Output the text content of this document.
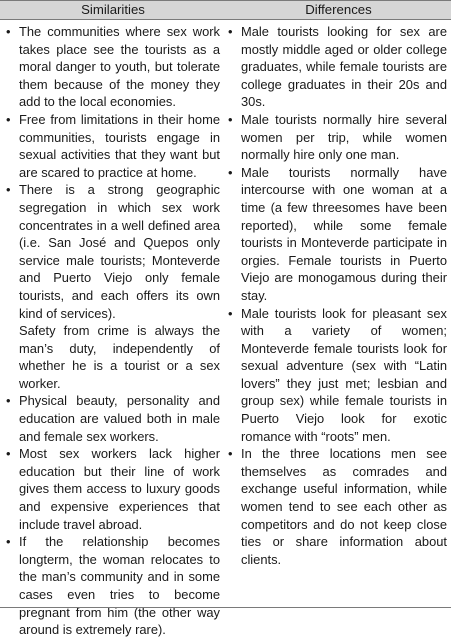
Similarities	Differences

• The communities where sex work takes place see the tourists as a moral danger to youth, but tolerate them because of the money they add to the local economies.

• Free from limitations in their home communities, tourists engage in sexual activities that they want but are scared to practice at home.

• There is a strong geographic segregation in which sex work concentrates in a well defined area (i.e. San José and Quepos only service male tourists; Monteverde and Puerto Viejo only female tourists, and each offers its own kind of services).

Safety from crime is always the man’s duty, independently of whether he is a tourist or a sex worker.

• Physical beauty, personality and education are valued both in male and female sex workers.

• Most sex workers lack higher education but their line of work gives them access to luxury goods and expensive experiences that include travel abroad.

• If the relationship becomes longterm, the woman relocates to the man’s community and in some cases even tries to become pregnant from him (the other way around is extremely rare).

• Male tourists looking for sex are mostly middle aged or older college graduates, while female tourists are college graduates in their 20s and 30s.

• Male tourists normally hire several women per trip, while women normally hire only one man.

• Male tourists normally have intercourse with one woman at a time (a few threesomes have been reported), while some female tourists in Monteverde participate in orgies. Female tourists in Puerto Viejo are monogamous during their stay.

• Male tourists look for pleasant sex with a variety of women; Monteverde female tourists look for sexual adventure (sex with “Latin lovers” they just met; lesbian and group sex) while female tourists in Puerto Viejo look for exotic romance with “roots” men.

• In the three locations men see themselves as comrades and exchange useful information, while women tend to see each other as competitors and do not keep close ties or share information about clients.
